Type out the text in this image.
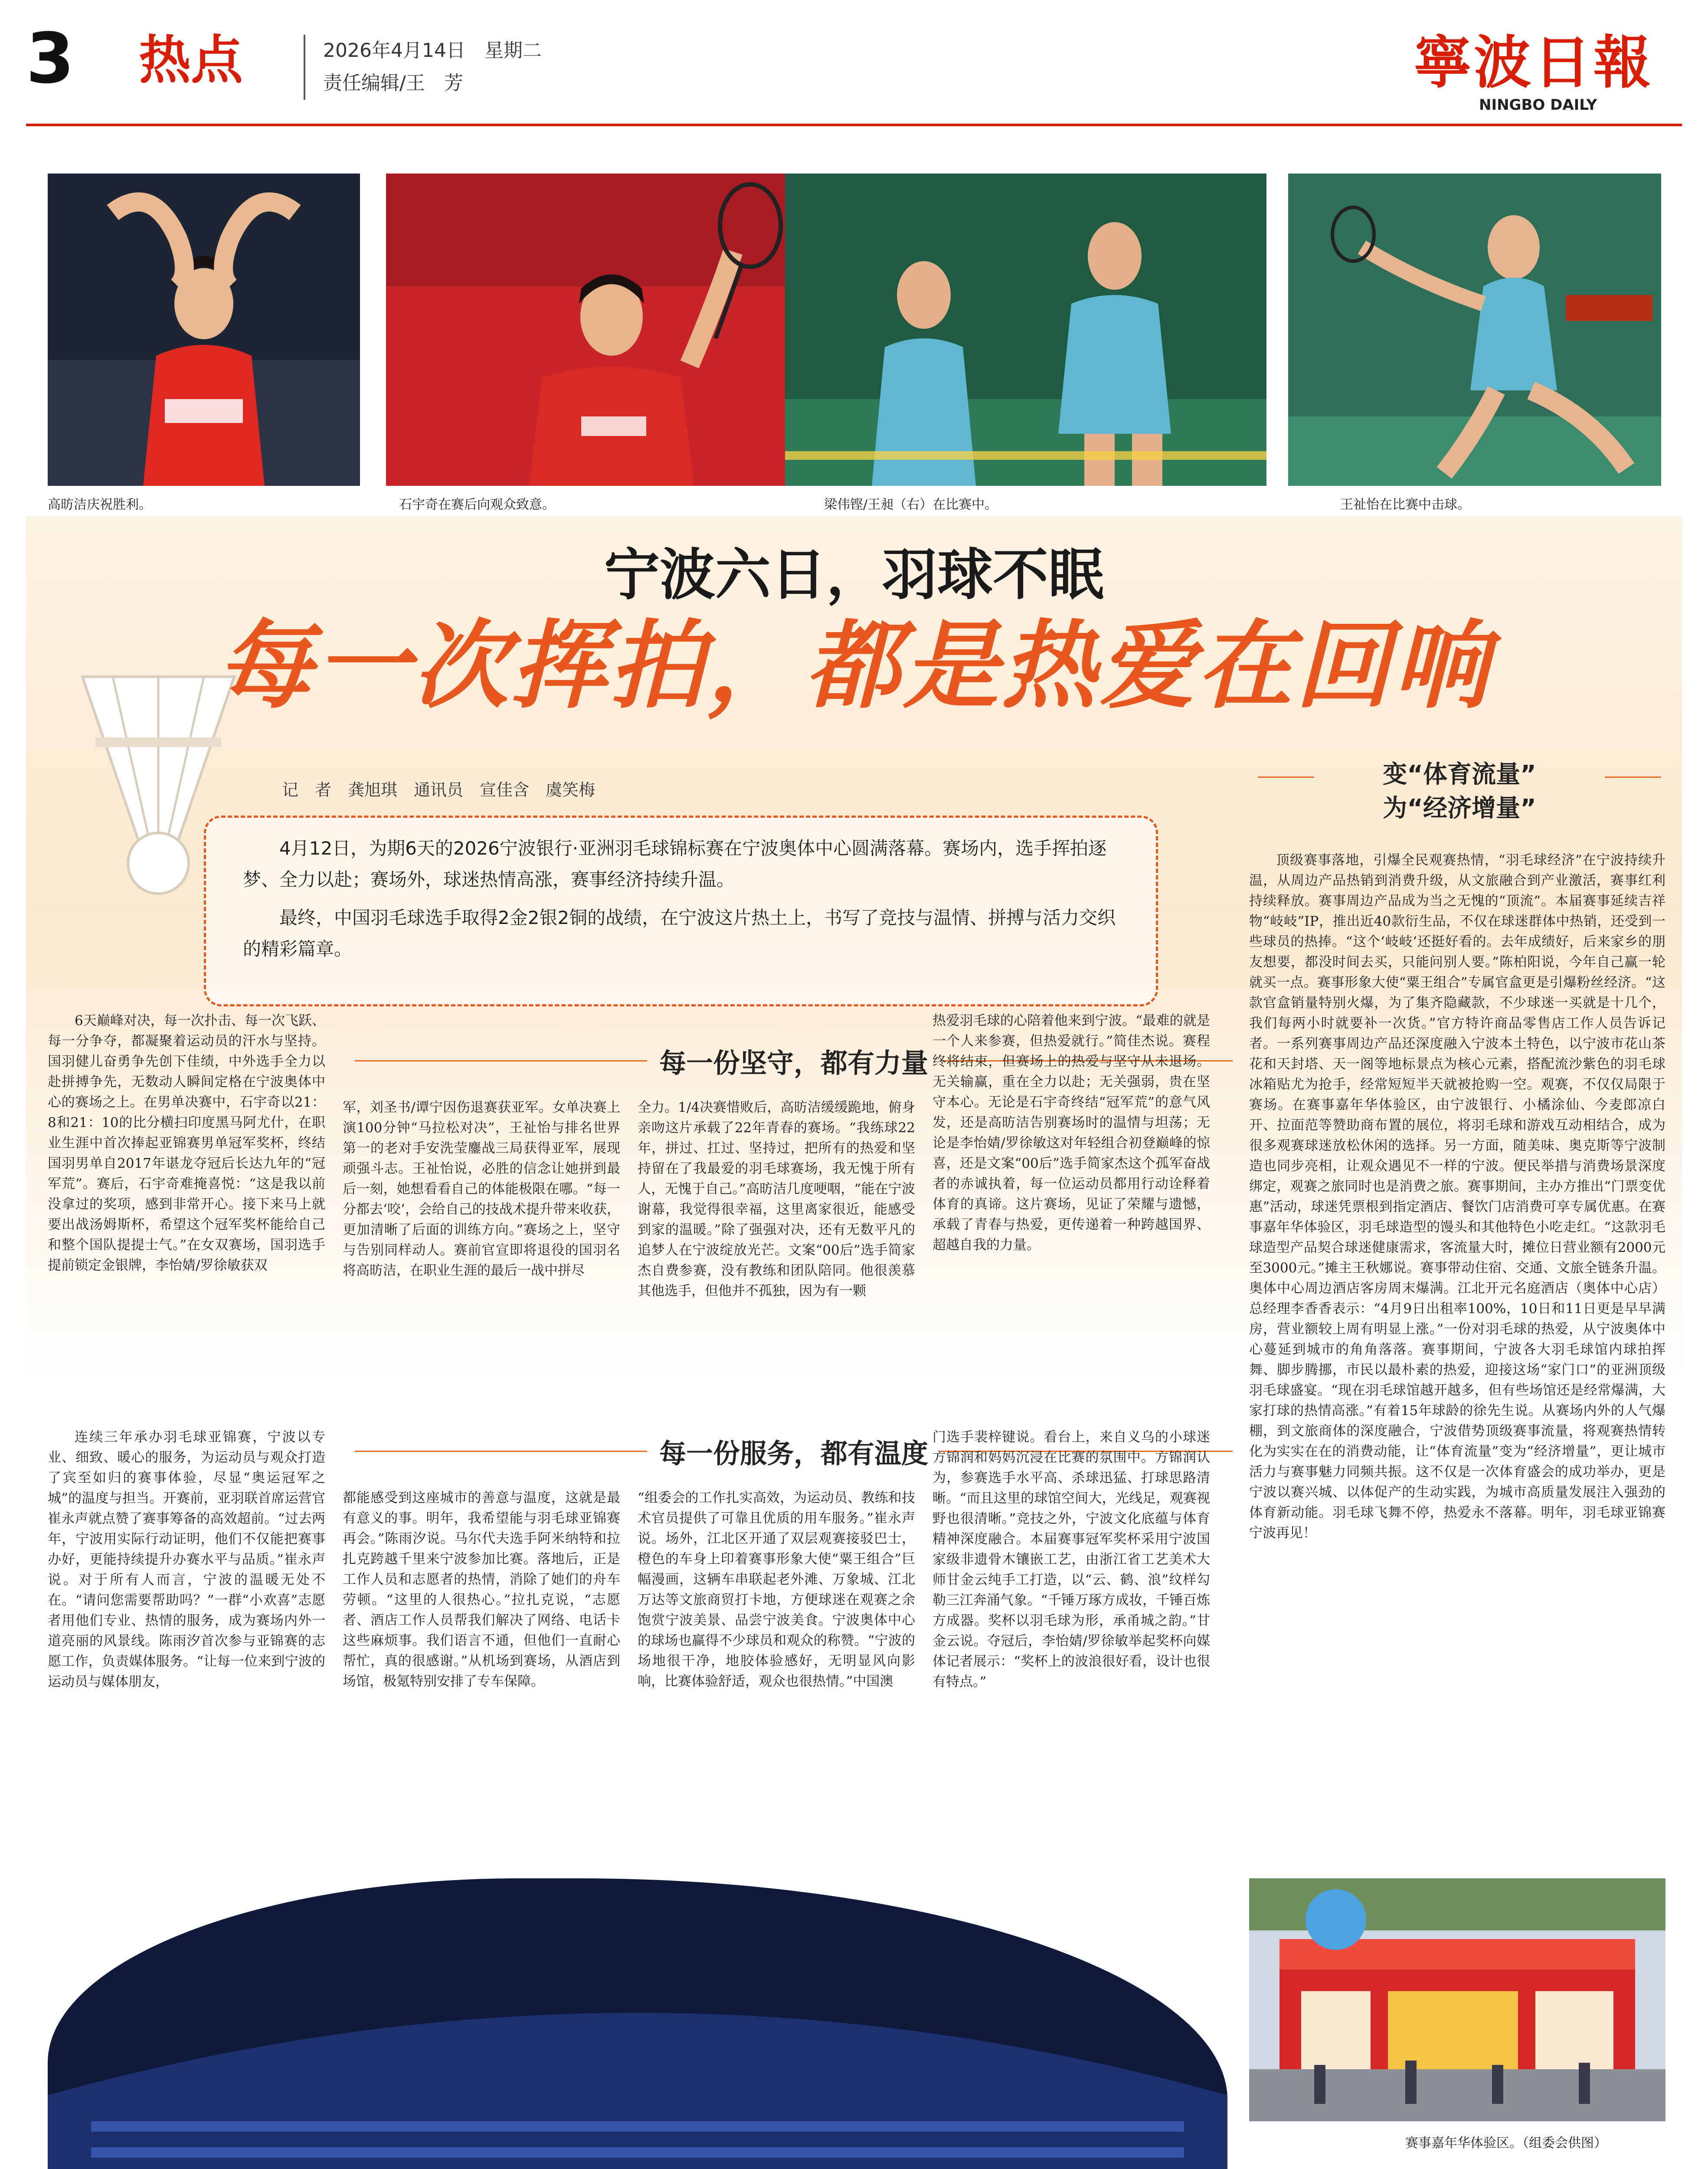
3 热点	2026年4月14日　星期二
责任编辑/王　芳	寧波日報
NINGBO DAILY
高昉洁庆祝胜利。	石宇奇在赛后向观众致意。	梁伟铿/王昶（右）在比赛中。	王祉怡在比赛中击球。
宁波六日，羽球不眠
每一次挥拍，都是热爱在回响
记　者　龚旭琪　通讯员　宣佳含　虞笑梅
4月12日，为期6天的2026宁波银行·亚洲羽毛球锦标赛在宁波奥体中心圆满落幕。赛场内，选手挥拍逐梦、全力以赴；赛场外，球迷热情高涨，赛事经济持续升温。
最终，中国羽毛球选手取得2金2银2铜的战绩，在宁波这片热土上，书写了竞技与温情、拼搏与活力交织的精彩篇章。
变“体育流量”
为“经济增量”
每一份坚守，都有力量
6天巅峰对决，每一次扑击、每一次飞跃、每一分争夺，都凝聚着运动员的汗水与坚持。国羽健儿奋勇争先创下佳绩，中外选手全力以赴拼搏争先，无数动人瞬间定格在宁波奥体中心的赛场之上。在男单决赛中，石宇奇以21：8和21：10的比分横扫印度黑马阿尤什，在职业生涯中首次捧起亚锦赛男单冠军奖杯，终结国羽男单自2017年谌龙夺冠后长达九年的“冠军荒”。赛后，石宇奇难掩喜悦：“这是我以前没拿过的奖项，感到非常开心。接下来马上就要出战汤姆斯杯，希望这个冠军奖杯能给自己和整个国队提提士气。”在女双赛场，国羽选手提前锁定金银牌，李怡婧/罗徐敏获双
军，刘圣书/谭宁因伤退赛获亚军。女单决赛上演100分钟“马拉松对决”，王祉怡与排名世界第一的老对手安洗莹鏖战三局获得亚军，展现顽强斗志。王祉怡说，必胜的信念让她拼到最后一刻，她想看看自己的体能极限在哪。“每一分都去‘咬’，会给自己的技战术提升带来收获，更加清晰了后面的训练方向。”赛场之上，坚守与告别同样动人。赛前官宣即将退役的国羽名将高昉洁，在职业生涯的最后一战中拼尽
全力。1/4决赛惜败后，高昉洁缓缓跪地，俯身亲吻这片承载了22年青春的赛场。“我练球22年，拼过、扛过、坚持过，把所有的热爱和坚持留在了我最爱的羽毛球赛场，我无愧于所有人，无愧于自己。”高昉洁几度哽咽，“能在宁波谢幕，我觉得很幸福，这里离家很近，能感受到家的温暖。”除了强强对决，还有无数平凡的追梦人在宁波绽放光芒。文案“00后”选手简家杰自费参赛，没有教练和团队陪同。他很羡慕其他选手，但他并不孤独，因为有一颗
热爱羽毛球的心陪着他来到宁波。“最难的就是一个人来参赛，但热爱就行。”简佳杰说。赛程终将结束，但赛场上的热爱与坚守从未退场。无关输赢，重在全力以赴；无关强弱，贵在坚守本心。无论是石宇奇终结“冠军荒”的意气风发，还是高昉洁告别赛场时的温情与坦荡；无论是李怡婧/罗徐敏这对年轻组合初登巅峰的惊喜，还是文案“00后”选手简家杰这个孤军奋战者的赤诚执着，每一位运动员都用行动诠释着体育的真谛。这片赛场，见证了荣耀与遗憾，承载了青春与热爱，更传递着一种跨越国界、超越自我的力量。
每一份服务，都有温度
连续三年承办羽毛球亚锦赛，宁波以专业、细致、暖心的服务，为运动员与观众打造了宾至如归的赛事体验，尽显“奥运冠军之城”的温度与担当。开赛前，亚羽联首席运营官崔永声就点赞了赛事筹备的高效超前。“过去两年，宁波用实际行动证明，他们不仅能把赛事办好，更能持续提升办赛水平与品质。”崔永声说。对于所有人而言，宁波的温暖无处不在。“请问您需要帮助吗？”一群“小欢喜”志愿者用他们专业、热情的服务，成为赛场内外一道亮丽的风景线。陈雨汐首次参与亚锦赛的志愿工作，负责媒体服务。“让每一位来到宁波的运动员与媒体朋友，
都能感受到这座城市的善意与温度，这就是最有意义的事。明年，我希望能与羽毛球亚锦赛再会。”陈雨汐说。马尔代夫选手阿米纳特和拉扎克跨越千里来宁波参加比赛。落地后，正是工作人员和志愿者的热情，消除了她们的舟车劳顿。“这里的人很热心。”拉扎克说，“志愿者、酒店工作人员帮我们解决了网络、电话卡这些麻烦事。我们语言不通，但他们一直耐心帮忙，真的很感谢。”从机场到赛场，从酒店到场馆，极氪特别安排了专车保障。
“组委会的工作扎实高效，为运动员、教练和技术官员提供了可靠且优质的用车服务。”崔永声说。场外，江北区开通了双层观赛接驳巴士，橙色的车身上印着赛事形象大使“粟王组合”巨幅漫画，这辆车串联起老外滩、万象城、江北万达等文旅商贸打卡地，方便球迷在观赛之余饱赏宁波美景、品尝宁波美食。宁波奥体中心的球场也赢得不少球员和观众的称赞。“宁波的场地很干净，地胶体验感好，无明显风向影响，比赛体验舒适，观众也很热情。”中国澳
门选手裴梓键说。看台上，来自义乌的小球迷方锦润和妈妈沉浸在比赛的氛围中。方锦润认为，参赛选手水平高、杀球迅猛、打球思路清晰。“而且这里的球馆空间大，光线足，观赛视野也很清晰。”竞技之外，宁波文化底蕴与体育精神深度融合。本届赛事冠军奖杯采用宁波国家级非遗骨木镶嵌工艺，由浙江省工艺美术大师甘金云纯手工打造，以“云、鹤、浪”纹样勾勒三江奔涌气象。“千锤万琢方成妆，千锤百炼方成器。奖杯以羽毛球为形，承甬城之韵。”甘金云说。夺冠后，李怡婧/罗徐敏举起奖杯向媒体记者展示：“奖杯上的波浪很好看，设计也很有特点。”
顶级赛事落地，引爆全民观赛热情，“羽毛球经济”在宁波持续升温，从周边产品热销到消费升级，从文旅融合到产业激活，赛事红利持续释放。赛事周边产品成为当之无愧的“顶流”。本届赛事延续吉祥物“岐岐”IP，推出近40款衍生品，不仅在球迷群体中热销，还受到一些球员的热捧。“这个‘岐岐’还挺好看的。去年成绩好，后来家乡的朋友想要，都没时间去买，只能问别人要。”陈柏阳说，今年自己赢一轮就买一点。赛事形象大使“粟王组合”专属官盒更是引爆粉丝经济。“这款官盒销量特别火爆，为了集齐隐藏款，不少球迷一买就是十几个，我们每两小时就要补一次货。”官方特许商品零售店工作人员告诉记者。一系列赛事周边产品还深度融入宁波本土特色，以宁波市花山茶花和天封塔、天一阁等地标景点为核心元素，搭配流沙紫色的羽毛球冰箱贴尤为抢手，经常短短半天就被抢购一空。观赛，不仅仅局限于赛场。在赛事嘉年华体验区，由宁波银行、小橘涂仙、今麦郎凉白开、拉面范等赞助商布置的展位，将羽毛球和游戏互动相结合，成为很多观赛球迷放松休闲的选择。另一方面，随美味、奥克斯等宁波制造也同步亮相，让观众遇见不一样的宁波。便民举措与消费场景深度绑定，观赛之旅同时也是消费之旅。赛事期间，主办方推出“门票变优惠”活动，球迷凭票根到指定酒店、餐饮门店消费可享专属优惠。在赛事嘉年华体验区，羽毛球造型的馒头和其他特色小吃走红。“这款羽毛球造型产品契合球迷健康需求，客流量大时，摊位日营业额有2000元至3000元。”摊主王秋娜说。赛事带动住宿、交通、文旅全链条升温。奥体中心周边酒店客房周末爆满。江北开元名庭酒店（奥体中心店）总经理李香香表示：“4月9日出租率100%，10日和11日更是早早满房，营业额较上周有明显上涨。”一份对羽毛球的热爱，从宁波奥体中心蔓延到城市的角角落落。赛事期间，宁波各大羽毛球馆内球拍挥舞、脚步腾挪，市民以最朴素的热爱，迎接这场“家门口”的亚洲顶级羽毛球盛宴。“现在羽毛球馆越开越多，但有些场馆还是经常爆满，大家打球的热情高涨。”有着15年球龄的徐先生说。从赛场内外的人气爆棚，到文旅商体的深度融合，宁波借势顶级赛事流量，将观赛热情转化为实实在在的消费动能，让“体育流量”变为“经济增量”，更让城市活力与赛事魅力同频共振。这不仅是一次体育盛会的成功举办，更是宁波以赛兴城、以体促产的生动实践，为城市高质量发展注入强劲的体育新动能。羽毛球飞舞不停，热爱永不落幕。明年，羽毛球亚锦赛宁波再见！
赛事嘉年华体验区。（组委会供图）
